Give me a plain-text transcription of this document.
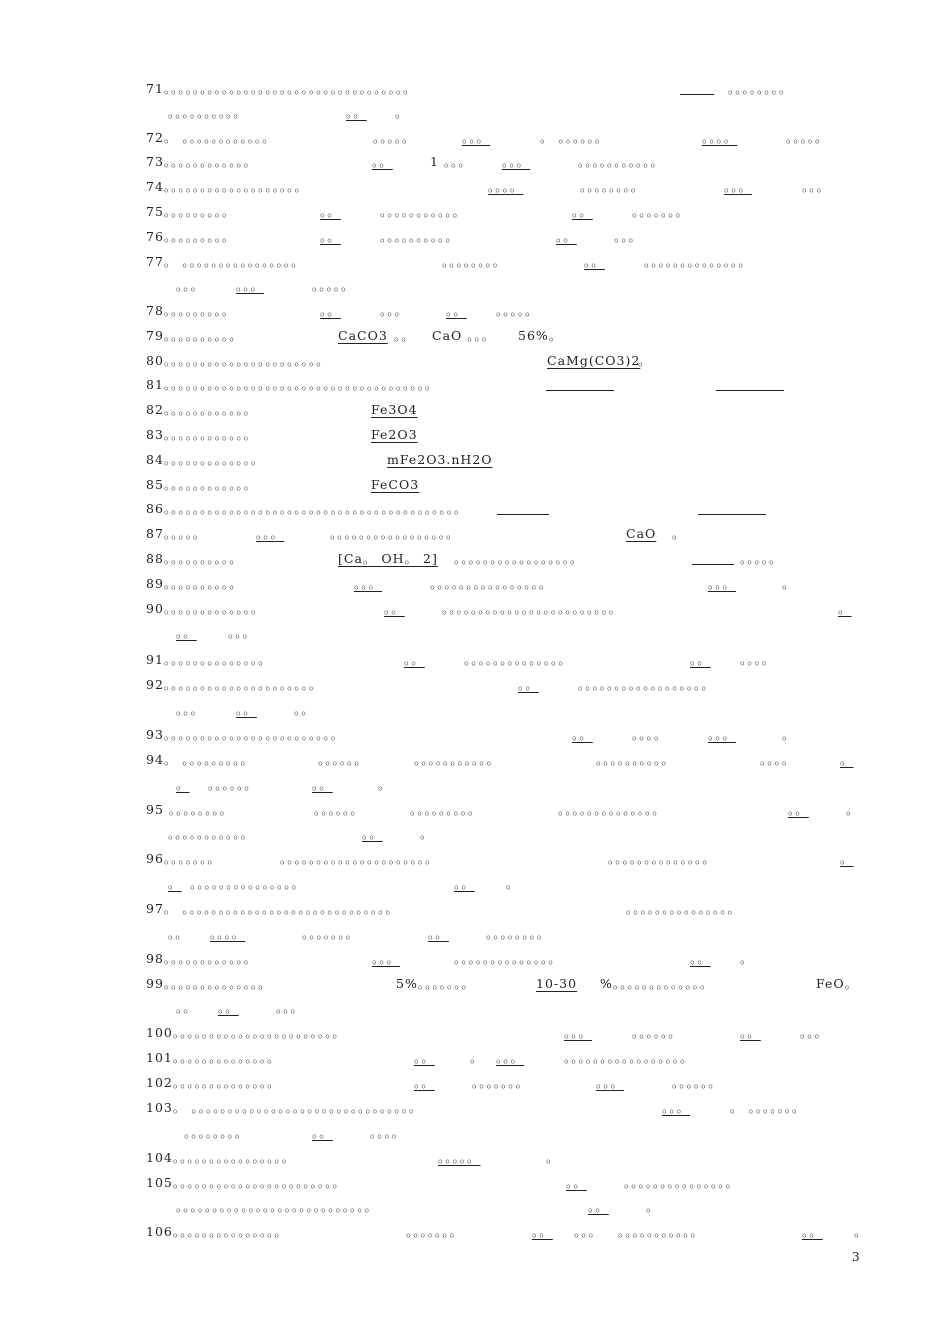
71。。。。。。。。。。。。。。。。。。。。。。。。。。。。。。。。。。	。。。。。。。。
。。。。。。。。。。	。。 。
72。 。。。。。。。。。。。。	。。。。。	。。。	。 。。。。。。	。。。。	。。。。。
73。。。。。。。。。。。。	。。	1 。。。 。。。	。。。。。。。。。。。
74。。。。。。。。。。。。。。。。。。。	。。。。	。。。。。。。。	。。。	。。。
75。。。。。。。。。	。。	。。。。。。。。。。。	。。	。。。。。。。
76。。。。。。。。。	。。	。。。。。。。。。。	。。	。。。
77。 。。。。。。。。。。。。。。。。	。。。。。。。。	。。	。。。。。。。。。。。。。。
。。。	。。。	。。。。。
78。。。。。。。。。	。。	。。。	。。 。。。。。
79。。。。。。。。。。	CaCO3 。。 CaO 。。。 56%。
80。。。。。。。。。。。。。。。。。。。。。。	CaMg(CO3)2
。
81。。。。。。。。。。。。。。。。。。。。。。。。。。。。。。。。。。。。。
82。。。。。。。。。。。。	Fe3O4
83。。。。。。。。。。。。	Fe2O3
84。。。。。。。。。。。。。	mFe2O3.nH2O
85。。。。。。。。。。。。	FeCO3
86。。。。。。。。。。。。。。。。。。。。。。。。。。。。。。。。。。。。。。。。。
87。。。。。	。。。	。。。。。。。。。。。。。。。。。	CaO 。
88。。。。。。。。。。	[Ca。 OH。 2] 。。。。。。。。。。。。。。。。。	。。。。。
89。。。。。。。。。。	。。。	。。。。。。。。。。。。。。。。	。。。	。
90。。。。。。。。。。。。。	。。	。。。。。。。。。。。。。。。。。。。。。。。。	。
。。 。。。
91。。。。。。。。。。。。。。	。。	。。。。。。。。。。。。。。	。。 。。。。
92。。。。。。。。。。。。。。。。。。。。。	。。	。。。。。。。。。。。。。。。。。。
。。。	。。	。。
93。。。。。。。。。。。。。。。。。。。。。。。。	。。	。。。。	。。。	。
94。 。。。。。。。。。	。。。。。。	。。。。。。。。。。。	。。。。。。。。。。	。。。。	。
。 。。。。。。	。。	。
95 。。。。。。。。	。。。。。。	。。。。。。。。。	。。。。。。。。。。。。。。	。。	。
。。。。。。。。。。。	。。	。
96。。。。。。。	。。。。。。。。。。。。。。。。。。。。。	。。。。。。。。。。。。。。	。
。 。。。。。。。。。。。。。。。	。。 。
97。 。。。。。。。。。。。。。。。。。。。。。。。。。。。。。	。。。。。。。。。。。。。。。
。。 。。。。	。。。。。。。	。。	。。。。。。。。
98。。。。。。。。。。。。	。。。	。。。。。。。。。。。。。。	。。 。
99。。。。。。。。。。。。。。	5%。。。。。。。	10-30 %。。。。。。。。。。。。。	FeO。
。。 。。	。。。
100。。。。。。。。。。。。。。。。。。。。。。。	。。。	。。。。。。	。。	。。。
101。。。。。。。。。。。。。。	。。	。 。。。	。。。。。。。。。。。。。。。。。
102。。。。。。。。。。。。。。	。。	。。。。。。。	。。。	。。。。。。
103。 。。。。。。。。。。。。。。。。。。。。。。。。。。。。。。。	。。。	。 。。。。。。。
。。。。。。。。	。。	。。。。
104。。。。。。。。。。。。。。。。	。。。。。	。
105。。。。。。。。。。。。。。。。。。。。。。。	。。	。。。。。。。。。。。。。。。
。。。。。。。。。。。。。。。。。。。。。。。。。。。	。。	。
106。。。。。。。。。。。。。。。	。。。。。。。	。。 。。。 。。。。。。。。。。。	。。 。
3
